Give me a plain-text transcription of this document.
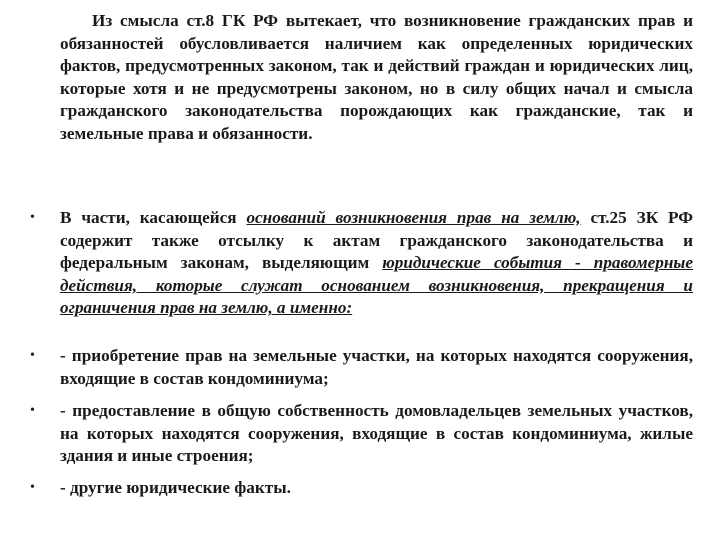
Из смысла ст.8 ГК РФ вытекает, что возникновение гражданских прав и обязанностей обусловливается наличием как определенных юридических фактов, предусмотренных законом, так и действий граждан и юридических лиц, которые хотя и не предусмотрены законом, но в силу общих начал и смысла гражданского законодательства порождающих как гражданские, так и земельные права и обязанности.

• В части, касающейся оснований возникновения прав на землю, ст.25 ЗК РФ содержит также отсылку к актам гражданского законодательства и федеральным законам, выделяющим юридические события - правомерные действия, которые служат основанием возникновения, прекращения и ограничения прав на землю, а именно:
• - приобретение прав на земельные участки, на которых находятся сооружения, входящие в состав кондоминиума;
• - предоставление в общую собственность домовладельцев земельных участков, на которых находятся сооружения, входящие в состав кондоминиума, жилые здания и иные строения;
• - другие юридические факты.
